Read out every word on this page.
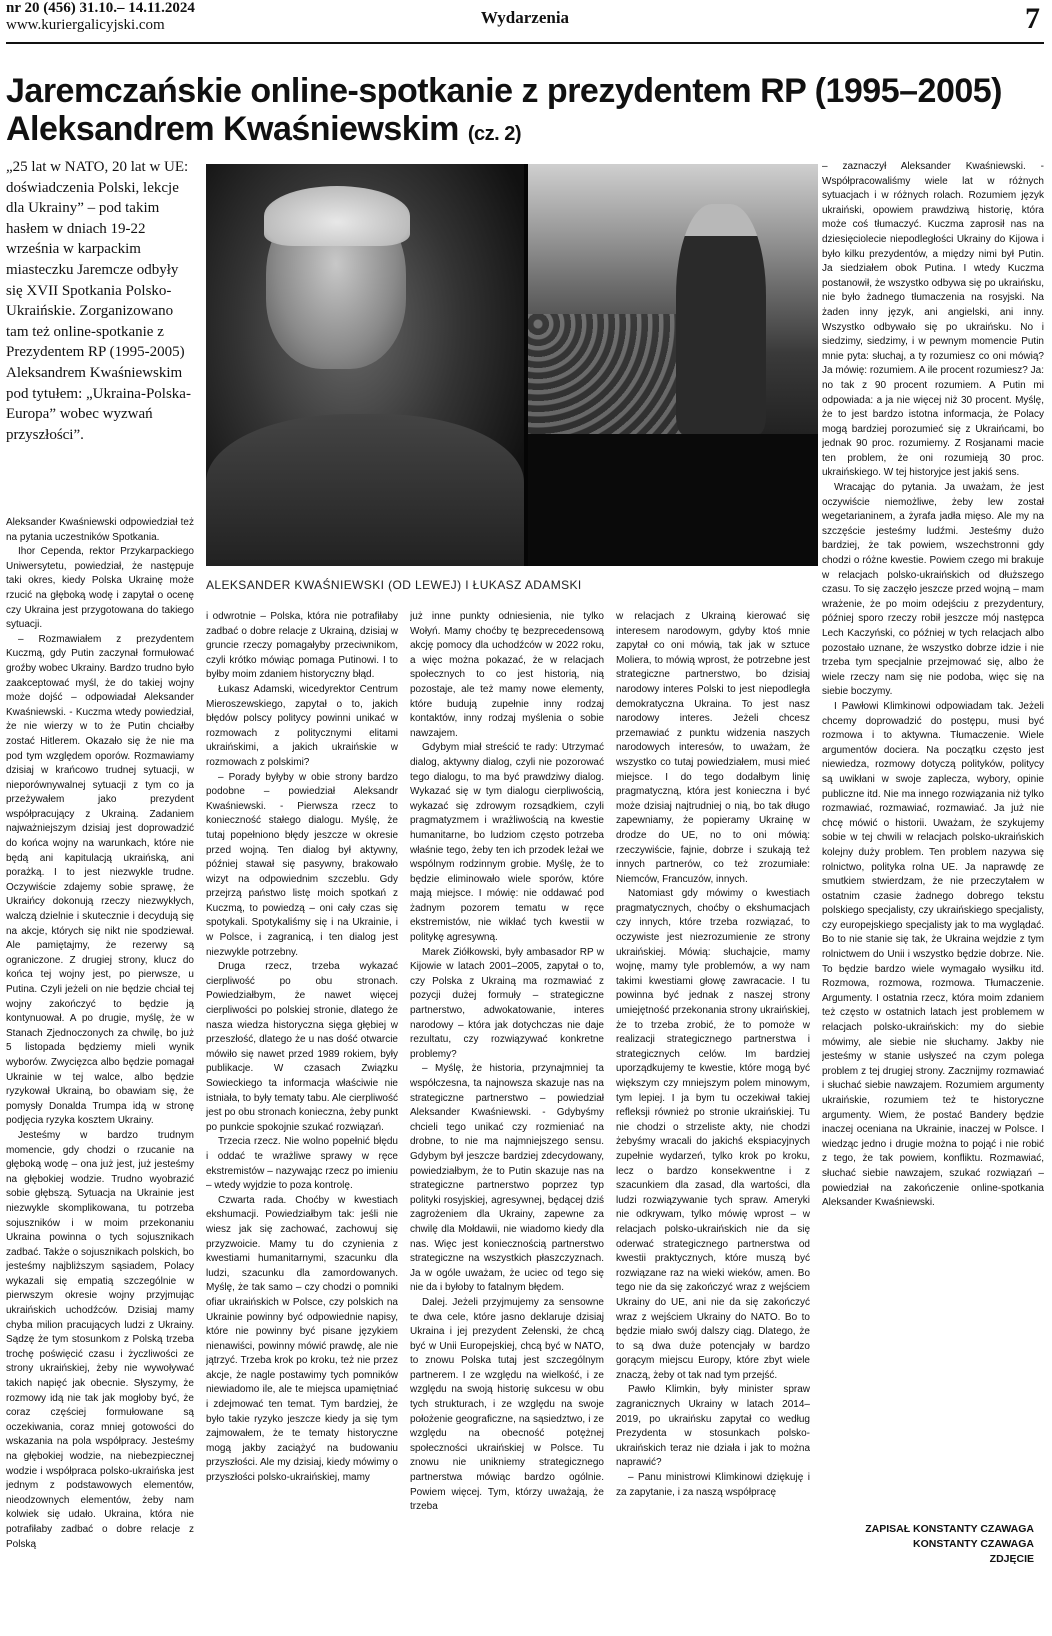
nr 20 (456) 31.10.– 14.11.2024
www.kuriergalicyjski.com	Wydarzenia	7
Jaremczańskie online-spotkanie z prezydentem RP (1995–2005) Aleksandrem Kwaśniewskim (cz. 2)

„25 lat w NATO, 20 lat w UE: doświadczenia Polski, lekcje dla Ukrainy” – pod takim hasłem w dniach 19-22 września w karpackim miasteczku Jaremcze odbyły się XVII Spotkania Polsko-Ukraińskie. Zorganizowano tam też online-spotkanie z Prezydentem RP (1995-2005) Aleksandrem Kwaśniewskim pod tytułem: „Ukraina-Polska-Europa” wobec wyzwań przyszłości”.

Aleksander Kwaśniewski odpowiedział też na pytania uczestników Spotkania.

Ihor Cependa, rektor Przykarpackiego Uniwersytetu, powiedział, że następuje taki okres, kiedy Polska Ukrainę może rzucić na głęboką wodę i zapytał o ocenę czy Ukraina jest przygotowana do takiego sytuacji.

– Rozmawiałem z prezydentem Kuczmą, gdy Putin zaczynał formułować groźby wobec Ukrainy. Bardzo trudno było zaakceptować myśl, że do takiej wojny może dojść – odpowiadał Aleksander Kwaśniewski. - Kuczma wtedy powiedział, że nie wierzy w to że Putin chciałby zostać Hitlerem. Okazało się że nie ma pod tym względem oporów. Rozmawiamy dzisiaj w krańcowo trudnej sytuacji, w nieporównywalnej sytuacji z tym co ja przeżywałem jako prezydent współpracujący z Ukrainą. Zadaniem najważniejszym dzisiaj jest doprowadzić do końca wojny na warunkach, które nie będą ani kapitulacją ukraińską, ani porażką. I to jest niezwykle trudne. Oczywiście zdajemy sobie sprawę, że Ukraińcy dokonują rzeczy niezwykłych, walczą dzielnie i skutecznie i decydują się na akcje, których się nikt nie spodziewał. Ale pamiętajmy, że rezerwy są ograniczone. Z drugiej strony, klucz do końca tej wojny jest, po pierwsze, u Putina. Czyli jeżeli on nie będzie chciał tej wojny zakończyć to będzie ją kontynuował. A po drugie, myślę, że w Stanach Zjednoczonych za chwilę, bo już 5 listopada będziemy mieli wynik wyborów. Zwycięzca albo będzie pomagał Ukrainie w tej walce, albo będzie ryzykował Ukrainą, bo obawiam się, że pomysły Donalda Trumpa idą w stronę podjęcia ryzyka kosztem Ukrainy.

Jesteśmy w bardzo trudnym momencie, gdy chodzi o rzucanie na głęboką wodę – ona już jest, już jesteśmy na głębokiej wodzie. Trudno wyobrazić sobie głębszą. Sytuacja na Ukrainie jest niezwykle skomplikowana, tu potrzeba sojuszników i w moim przekonaniu Ukraina powinna o tych sojusznikach zadbać. Także o sojusznikach polskich, bo jesteśmy najbliższym sąsiadem, Polacy wykazali się empatią szczególnie w pierwszym okresie wojny przyjmując ukraińskich uchodźców. Dzisiaj mamy chyba milion pracujących ludzi z Ukrainy. Sądzę że tym stosunkom z Polską trzeba trochę poświęcić czasu i życzliwości ze strony ukraińskiej, żeby nie wywoływać takich napięć jak obecnie. Słyszymy, że rozmowy idą nie tak jak mogłoby być, że coraz częściej formułowane są oczekiwania, coraz mniej gotowości do wskazania na pola współpracy. Jesteśmy na głębokiej wodzie, na niebezpiecznej wodzie i współpraca polsko-ukraińska jest jednym z podstawowych elementów, nieodzownych elementów, żeby nam kolwiek się udało. Ukraina, która nie potrafiłaby zadbać o dobre relacje z Polską

ALEKSANDER KWAŚNIEWSKI (OD LEWEJ) I ŁUKASZ ADAMSKI

i odwrotnie – Polska, która nie potrafiłaby zadbać o dobre relacje z Ukrainą, dzisiaj w gruncie rzeczy pomagałyby przeciwnikom, czyli krótko mówiąc pomaga Putinowi. I to byłby moim zdaniem historyczny błąd.

Łukasz Adamski, wicedyrektor Centrum Mieroszewskiego, zapytał o to, jakich błędów polscy politycy powinni unikać w rozmowach z politycznymi elitami ukraińskimi, a jakich ukraińskie w rozmowach z polskimi?

– Porady byłyby w obie strony bardzo podobne – powiedział Aleksandr Kwaśniewski. - Pierwsza rzecz to konieczność stałego dialogu. Myślę, że tutaj popełniono błędy jeszcze w okresie przed wojną. Ten dialog był aktywny, później stawał się pasywny, brakowało wizyt na odpowiednim szczeblu. Gdy przejrzą państwo listę moich spotkań z Kuczmą, to powiedzą – oni cały czas się spotykali. Spotykaliśmy się i na Ukrainie, i w Polsce, i zagranicą, i ten dialog jest niezwykle potrzebny.

Druga rzecz, trzeba wykazać cierpliwość po obu stronach. Powiedziałbym, że nawet więcej cierpliwości po polskiej stronie, dlatego że nasza wiedza historyczna sięga głębiej w przeszłość, dlatego że u nas dość otwarcie mówiło się nawet przed 1989 rokiem, były publikacje. W czasach Związku Sowieckiego ta informacja właściwie nie istniała, to były tematy tabu. Ale cierpliwość jest po obu stronach konieczna, żeby punkt po punkcie spokojnie szukać rozwiązań.

Trzecia rzecz. Nie wolno popełnić błędu i oddać te wrażliwe sprawy w ręce ekstremistów – nazywając rzecz po imieniu – wtedy wyjdzie to poza kontrolę.

Czwarta rada. Choćby w kwestiach ekshumacji. Powiedziałbym tak: jeśli nie wiesz jak się zachować, zachowuj się przyzwoicie. Mamy tu do czynienia z kwestiami humanitarnymi, szacunku dla ludzi, szacunku dla zamordowanych. Myślę, że tak samo – czy chodzi o pomniki ofiar ukraińskich w Polsce, czy polskich na Ukrainie powinny być odpowiednie napisy, które nie powinny być pisane językiem nienawiści, powinny mówić prawdę, ale nie jątrzyć. Trzeba krok po kroku, też nie przez akcje, że nagle postawimy tych pomników niewiadomo ile, ale te miejsca upamiętniać i zdejmować ten temat. Tym bardziej, że było takie ryzyko jeszcze kiedy ja się tym zajmowałem, że te tematy historyczne mogą jakby zaciążyć na budowaniu przyszłości. Ale my dzisiaj, kiedy mówimy o przyszłości polsko-ukraińskiej, mamy

już inne punkty odniesienia, nie tylko Wołyń. Mamy choćby tę bezprecedensową akcję pomocy dla uchodźców w 2022 roku, a więc można pokazać, że w relacjach społecznych to co jest historią, nią pozostaje, ale też mamy nowe elementy, które budują zupełnie inny rodzaj kontaktów, inny rodzaj myślenia o sobie nawzajem.

Gdybym miał streścić te rady: Utrzymać dialog, aktywny dialog, czyli nie pozorować tego dialogu, to ma być prawdziwy dialog. Wykazać się w tym dialogu cierpliwością, wykazać się zdrowym rozsądkiem, czyli pragmatyzmem i wrażliwością na kwestie humanitarne, bo ludziom często potrzeba właśnie tego, żeby ten ich przodek leżał we wspólnym rodzinnym grobie. Myślę, że to będzie eliminowało wiele sporów, które mają miejsce. I mówię: nie oddawać pod żadnym pozorem tematu w ręce ekstremistów, nie wikłać tych kwestii w politykę agresywną.

Marek Ziółkowski, były ambasador RP w Kijowie w latach 2001–2005, zapytał o to, czy Polska z Ukrainą ma rozmawiać z pozycji dużej formuły – strategiczne partnerstwo, adwokatowanie, interes narodowy – która jak dotychczas nie daje rezultatu, czy rozwiązywać konkretne problemy?

– Myślę, że historia, przynajmniej ta współczesna, ta najnowsza skazuje nas na strategiczne partnerstwo – powiedział Aleksander Kwaśniewski. - Gdybyśmy chcieli tego unikać czy rozmieniać na drobne, to nie ma najmniejszego sensu. Gdybym był jeszcze bardziej zdecydowany, powiedziałbym, że to Putin skazuje nas na strategiczne partnerstwo poprzez typ polityki rosyjskiej, agresywnej, będącej dziś zagrożeniem dla Ukrainy, zapewne za chwilę dla Mołdawii, nie wiadomo kiedy dla nas. Więc jest koniecznością partnerstwo strategiczne na wszystkich płaszczyznach. Ja w ogóle uważam, że uciec od tego się nie da i byłoby to fatalnym błędem.

Dalej. Jeżeli przyjmujemy za sensowne te dwa cele, które jasno deklaruje dzisiaj Ukraina i jej prezydent Zełenski, że chcą być w Unii Europejskiej, chcą być w NATO, to znowu Polska tutaj jest szczególnym partnerem. I ze względu na wielkość, i ze względu na swoją historię sukcesu w obu tych strukturach, i ze względu na swoje położenie geograficzne, na sąsiedztwo, i ze względu na obecność potężnej społeczności ukraińskiej w Polsce. Tu znowu nie unikniemy strategicznego partnerstwa mówiąc bardzo ogólnie. Powiem więcej. Tym, którzy uważają, że trzeba

w relacjach z Ukrainą kierować się interesem narodowym, gdyby ktoś mnie zapytał co oni mówią, tak jak w sztuce Moliera, to mówią wprost, że potrzebne jest strategiczne partnerstwo, bo dzisiaj narodowy interes Polski to jest niepodległa demokratyczna Ukraina. To jest nasz narodowy interes. Jeżeli chcesz przemawiać z punktu widzenia naszych narodowych interesów, to uważam, że wszystko co tutaj powiedziałem, musi mieć miejsce. I do tego dodałbym linię pragmatyczną, która jest konieczna i być może dzisiaj najtrudniej o nią, bo tak długo zapewniamy, że popieramy Ukrainę w drodze do UE, no to oni mówią: rzeczywiście, fajnie, dobrze i szukają też innych partnerów, co też zrozumiałe: Niemców, Francuzów, innych.

Natomiast gdy mówimy o kwestiach pragmatycznych, choćby o ekshumacjach czy innych, które trzeba rozwiązać, to oczywiste jest niezrozumienie ze strony ukraińskiej. Mówią: słuchajcie, mamy wojnę, mamy tyle problemów, a wy nam takimi kwestiami głowę zawracacie. I tu powinna być jednak z naszej strony umiejętność przekonania strony ukraińskiej, że to trzeba zrobić, że to pomoże w realizacji strategicznego partnerstwa i strategicznych celów. Im bardziej uporządkujemy te kwestie, które mogą być większym czy mniejszym polem minowym, tym lepiej. I ja bym tu oczekiwał takiej refleksji również po stronie ukraińskiej. Tu nie chodzi o strzeliste akty, nie chodzi żebyśmy wracali do jakichś ekspiacyjnych zupełnie wydarzeń, tylko krok po kroku, lecz o bardzo konsekwentne i z szacunkiem dla zasad, dla wartości, dla ludzi rozwiązywanie tych spraw. Ameryki nie odkrywam, tylko mówię wprost – w relacjach polsko-ukraińskich nie da się oderwać strategicznego partnerstwa od kwestii praktycznych, które muszą być rozwiązane raz na wieki wieków, amen. Bo tego nie da się zakończyć wraz z wejściem Ukrainy do UE, ani nie da się zakończyć wraz z wejściem Ukrainy do NATO. Bo to będzie miało swój dalszy ciąg. Dlatego, że to są dwa duże potencjały w bardzo gorącym miejscu Europy, które zbyt wiele znaczą, żeby ot tak nad tym przejść.

Pawło Klimkin, były minister spraw zagranicznych Ukrainy w latach 2014–2019, po ukraińsku zapytał co według Prezydenta w stosunkach polsko-ukraińskich teraz nie działa i jak to można naprawić?

– Panu ministrowi Klimkinowi dziękuję i za zapytanie, i za naszą współpracę

– zaznaczył Aleksander Kwaśniewski. - Współpracowaliśmy wiele lat w różnych sytuacjach i w różnych rolach. Rozumiem język ukraiński, opowiem prawdziwą historię, która może coś tłumaczyć. Kuczma zaprosił nas na dziesięciolecie niepodległości Ukrainy do Kijowa i było kilku prezydentów, a między nimi był Putin. Ja siedziałem obok Putina. I wtedy Kuczma postanowił, że wszystko odbywa się po ukraińsku, nie było żadnego tłumaczenia na rosyjski. Na żaden inny język, ani angielski, ani inny. Wszystko odbywało się po ukraińsku. No i siedzimy, siedzimy, i w pewnym momencie Putin mnie pyta: słuchaj, a ty rozumiesz co oni mówią? Ja mówię: rozumiem. A ile procent rozumiesz? Ja: no tak z 90 procent rozumiem. A Putin mi odpowiada: a ja nie więcej niż 30 procent. Myślę, że to jest bardzo istotna informacja, że Polacy mogą bardziej porozumieć się z Ukraińcami, bo jednak 90 proc. rozumiemy. Z Rosjanami macie ten problem, że oni rozumieją 30 proc. ukraińskiego. W tej historyjce jest jakiś sens.

Wracając do pytania. Ja uważam, że jest oczywiście niemożliwe, żeby lew został wegetarianinem, a żyrafa jadła mięso. Ale my na szczęście jesteśmy ludźmi. Jesteśmy dużo bardziej, że tak powiem, wszechstronni gdy chodzi o różne kwestie. Powiem czego mi brakuje w relacjach polsko-ukraińskich od dłuższego czasu. To się zaczęło jeszcze przed wojną – mam wrażenie, że po moim odejściu z prezydentury, później sporo rzeczy robił jeszcze mój następca Lech Kaczyński, co później w tych relacjach albo pozostało uznane, że wszystko dobrze idzie i nie trzeba tym specjalnie przejmować się, albo że wiele rzeczy nam się nie podoba, więc się na siebie boczymy.

I Pawłowi Klimkinowi odpowiadam tak. Jeżeli chcemy doprowadzić do postępu, musi być rozmowa i to aktywna. Tłumaczenie. Wiele argumentów dociera. Na początku często jest niewiedza, rozmowy dotyczą polityków, politycy są uwikłani w swoje zaplecza, wybory, opinie publiczne itd. Nie ma innego rozwiązania niż tylko rozmawiać, rozmawiać, rozmawiać. Ja już nie chcę mówić o historii. Uważam, że szykujemy sobie w tej chwili w relacjach polsko-ukraińskich kolejny duży problem. Ten problem nazywa się rolnictwo, polityka rolna UE. Ja naprawdę ze smutkiem stwierdzam, że nie przeczytałem w ostatnim czasie żadnego dobrego tekstu polskiego specjalisty, czy ukraińskiego specjalisty, czy europejskiego specjalisty jak to ma wyglądać. Bo to nie stanie się tak, że Ukraina wejdzie z tym rolnictwem do Unii i wszystko będzie dobrze. Nie. To będzie bardzo wiele wymagało wysiłku itd. Rozmowa, rozmowa, rozmowa. Tłumaczenie. Argumenty. I ostatnia rzecz, która moim zdaniem też często w ostatnich latach jest problemem w relacjach polsko-ukraińskich: my do siebie mówimy, ale siebie nie słuchamy. Jakby nie jesteśmy w stanie usłyszeć na czym polega problem z tej drugiej strony. Zacznijmy rozmawiać i słuchać siebie nawzajem. Rozumiem argumenty ukraińskie, rozumiem też te historyczne argumenty. Wiem, że postać Bandery będzie inaczej oceniana na Ukrainie, inaczej w Polsce. I wiedząc jedno i drugie można to pojąć i nie robić z tego, że tak powiem, konfliktu. Rozmawiać, słuchać siebie nawzajem, szukać rozwiązań – powiedział na zakończenie online-spotkania Aleksander Kwaśniewski.

ZAPISAŁ KONSTANTY CZAWAGA
KONSTANTY CZAWAGA
ZDJĘCIE
